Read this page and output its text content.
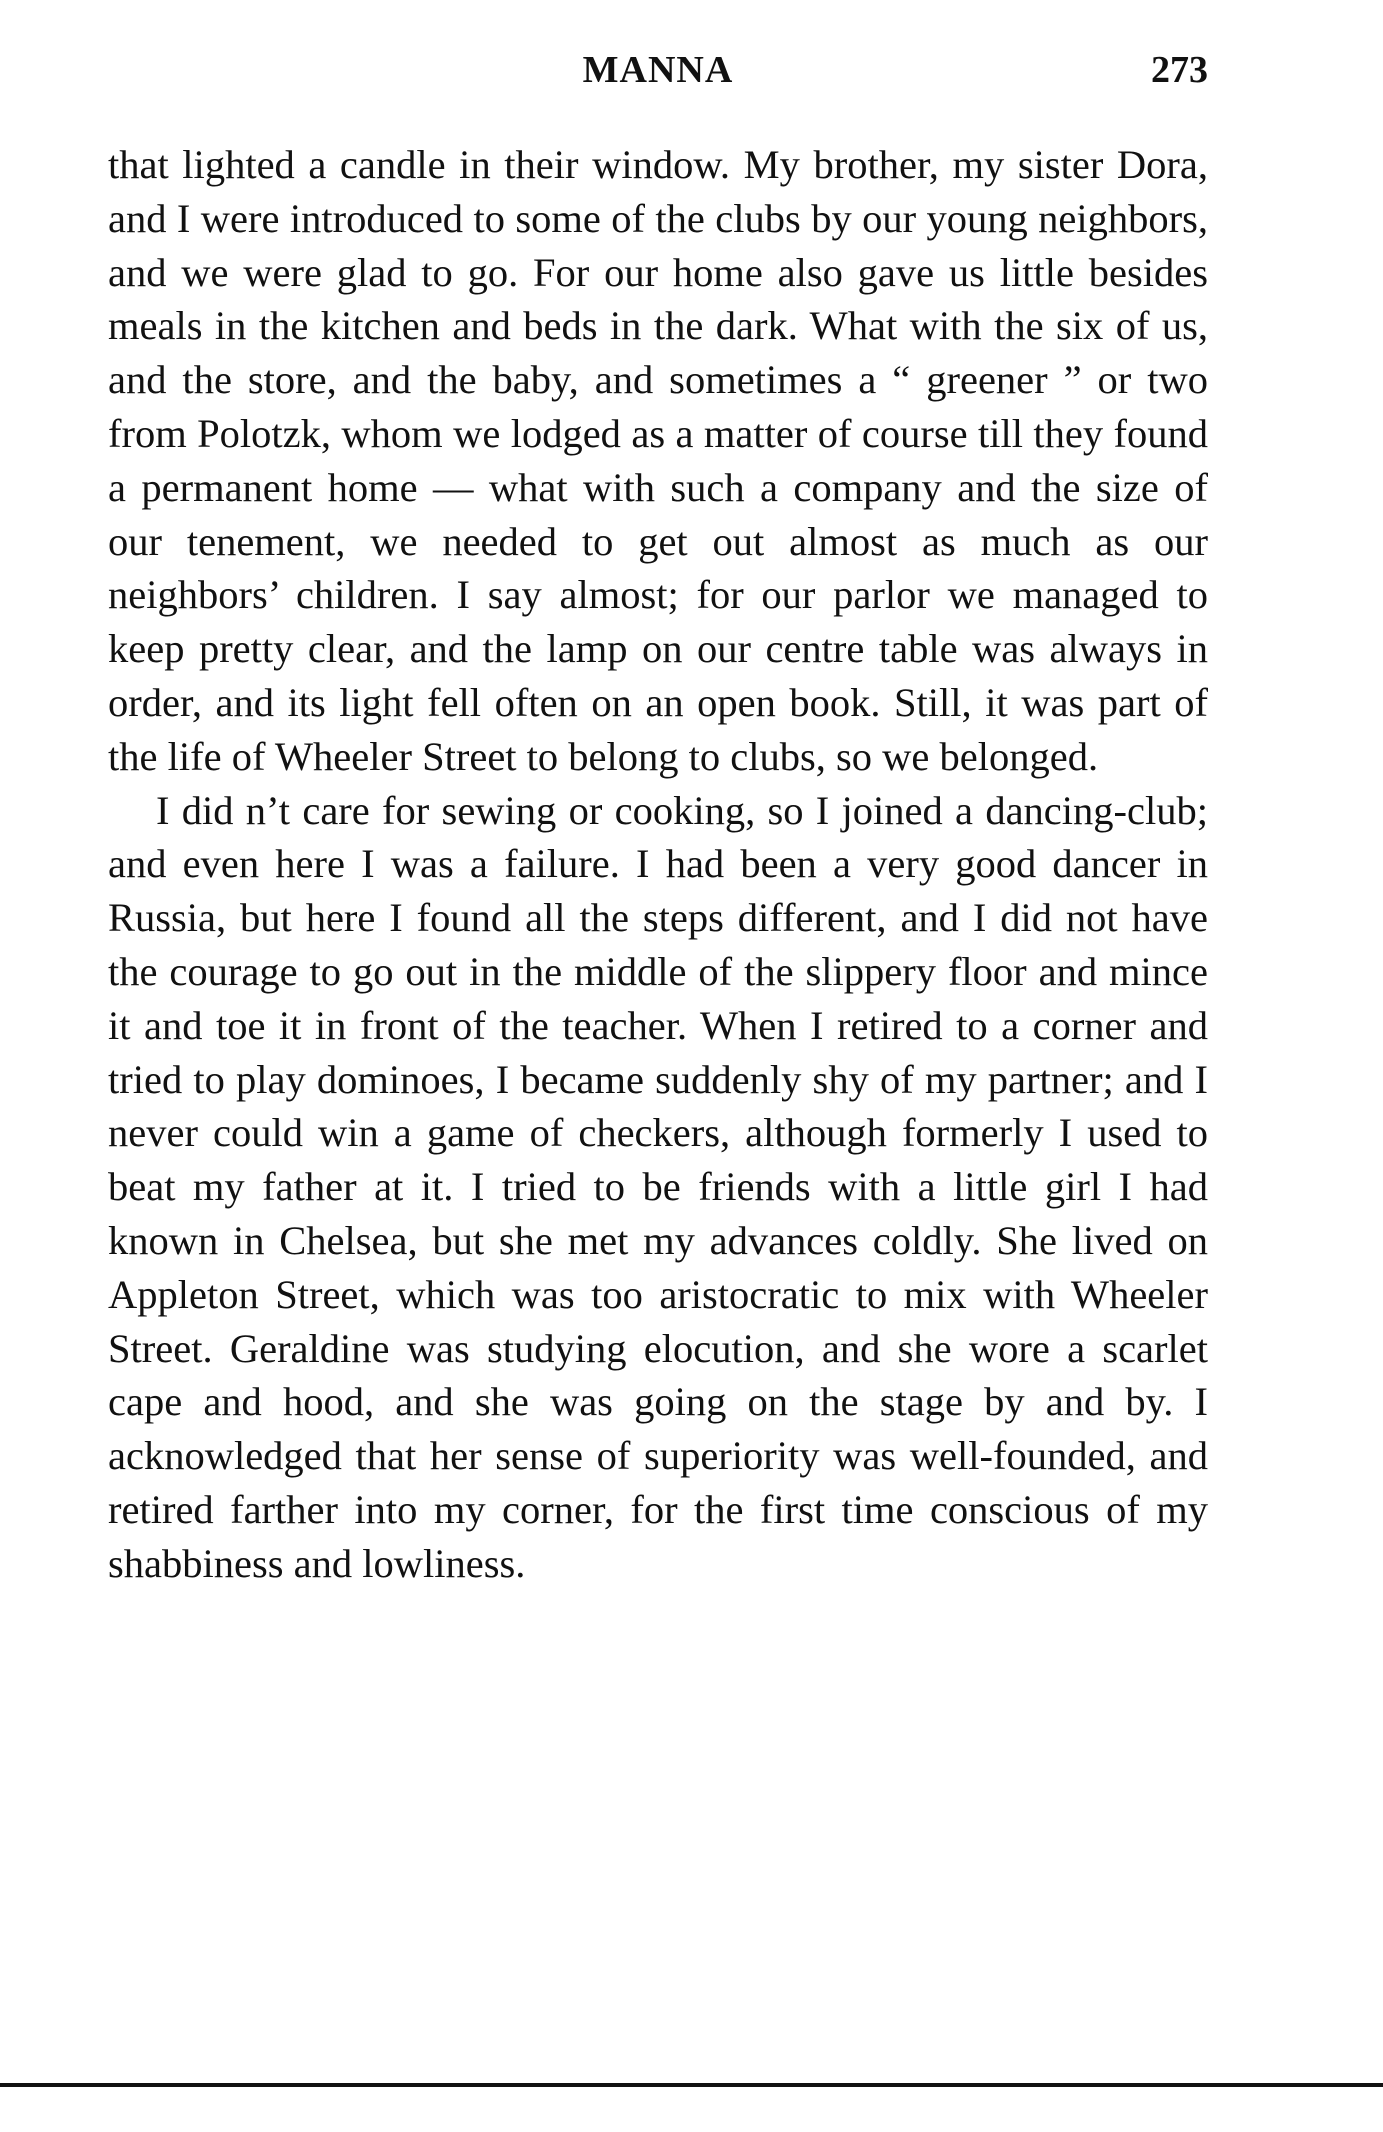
MANNA	273

that lighted a candle in their window. My brother, my sister Dora, and I were introduced to some of the clubs by our young neighbors, and we were glad to go. For our home also gave us little besides meals in the kitchen and beds in the dark. What with the six of us, and the store, and the baby, and sometimes a “ greener ” or two from Polotzk, whom we lodged as a matter of course till they found a permanent home — what with such a company and the size of our tenement, we needed to get out almost as much as our neighbors’ children. I say almost; for our parlor we managed to keep pretty clear, and the lamp on our centre table was always in order, and its light fell often on an open book. Still, it was part of the life of Wheeler Street to belong to clubs, so we belonged.

I did n’t care for sewing or cooking, so I joined a dancing-club; and even here I was a failure. I had been a very good dancer in Russia, but here I found all the steps different, and I did not have the courage to go out in the middle of the slippery floor and mince it and toe it in front of the teacher. When I retired to a corner and tried to play dominoes, I became suddenly shy of my partner; and I never could win a game of checkers, although formerly I used to beat my father at it. I tried to be friends with a little girl I had known in Chelsea, but she met my advances coldly. She lived on Appleton Street, which was too aristocratic to mix with Wheeler Street. Geraldine was studying elocution, and she wore a scarlet cape and hood, and she was going on the stage by and by. I acknowledged that her sense of superiority was well-founded, and retired farther into my corner, for the first time conscious of my shabbiness and lowliness.
